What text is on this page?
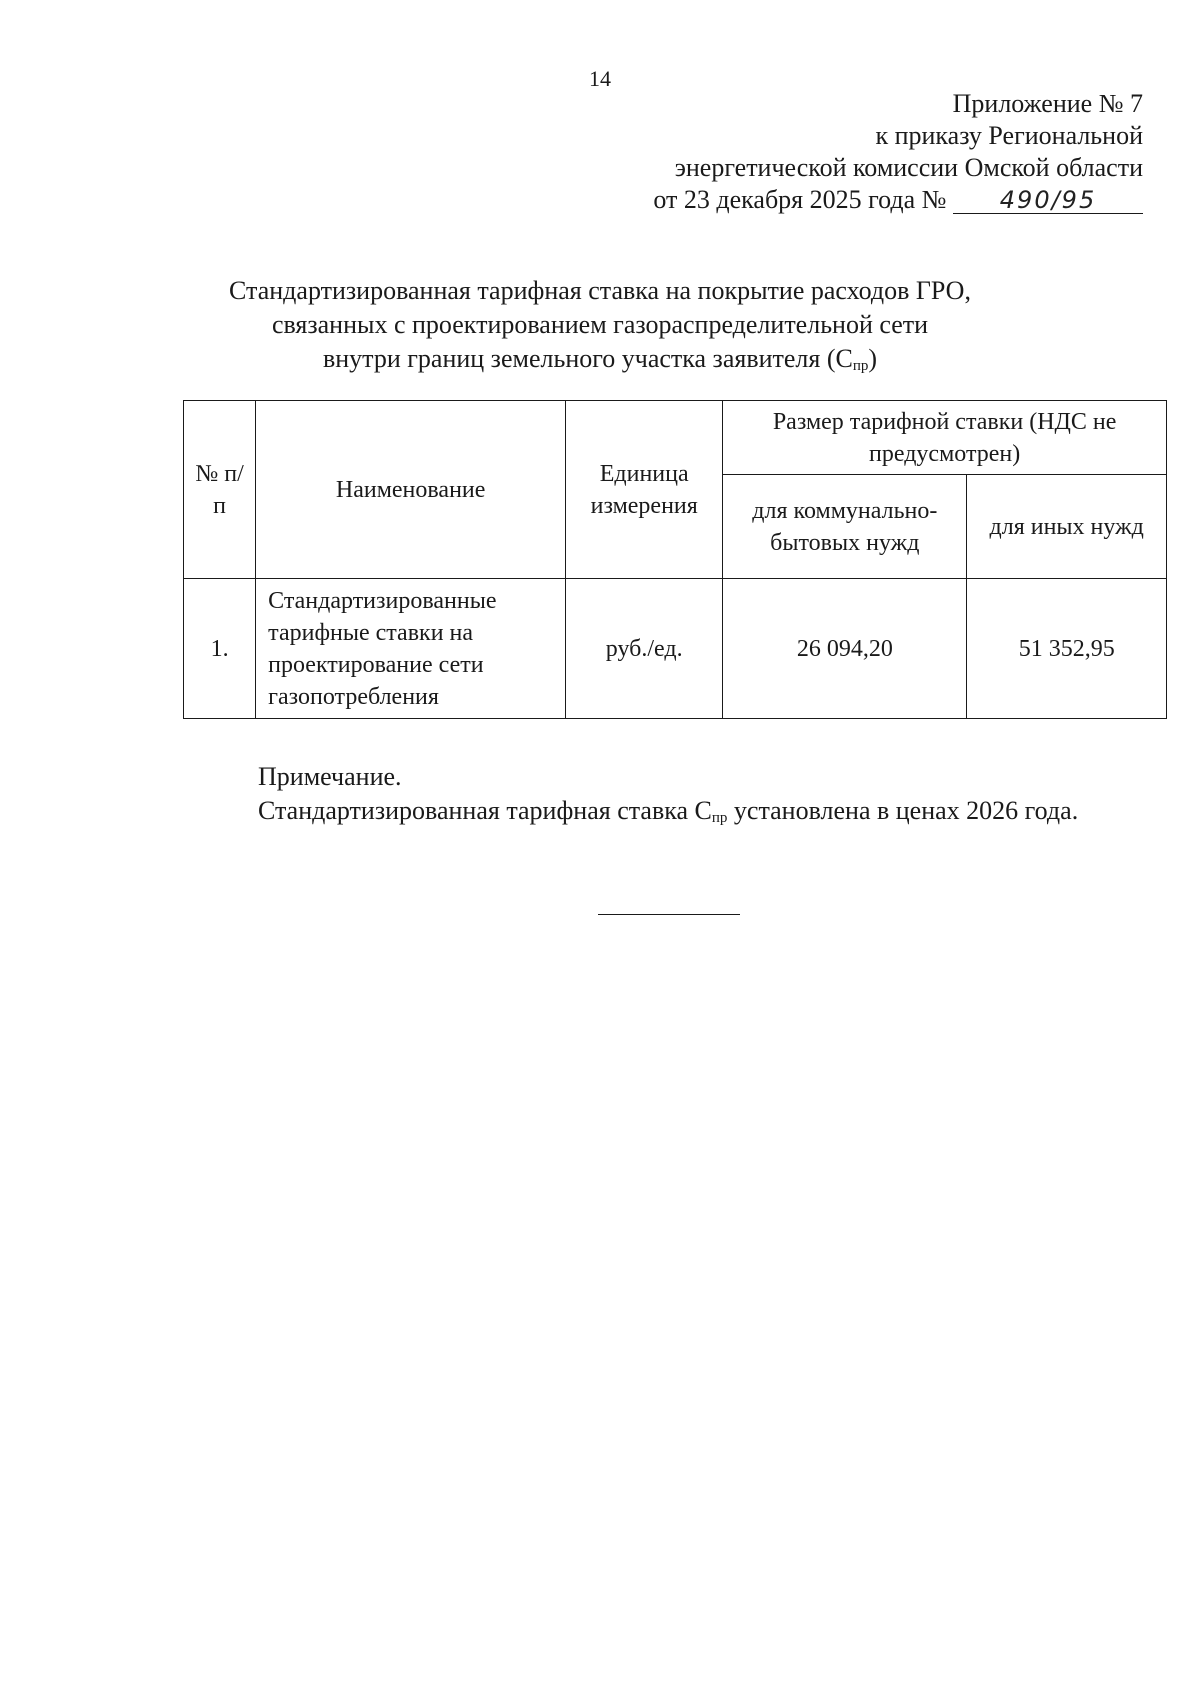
14
Приложение № 7
к приказу Региональной
энергетической комиссии Омской области
от 23 декабря 2025 года № 490/95
Стандартизированная тарифная ставка на покрытие расходов ГРО,
связанных с проектированием газораспределительной сети
внутри границ земельного участка заявителя $(С_{пр})$
№ п/п	Наименование	Единица измерения	Размер тарифной ставки (НДС не предусмотрен)	
			для коммунально-бытовых нужд	для иных нужд
1.	Стандартизированные тарифные ставки на проектирование сети газопотребления	руб./ед.	26 094,20	51 352,95
Примечание.

Стандартизированная тарифная ставка $С_{пр}$ установлена в ценах 2026 года.
